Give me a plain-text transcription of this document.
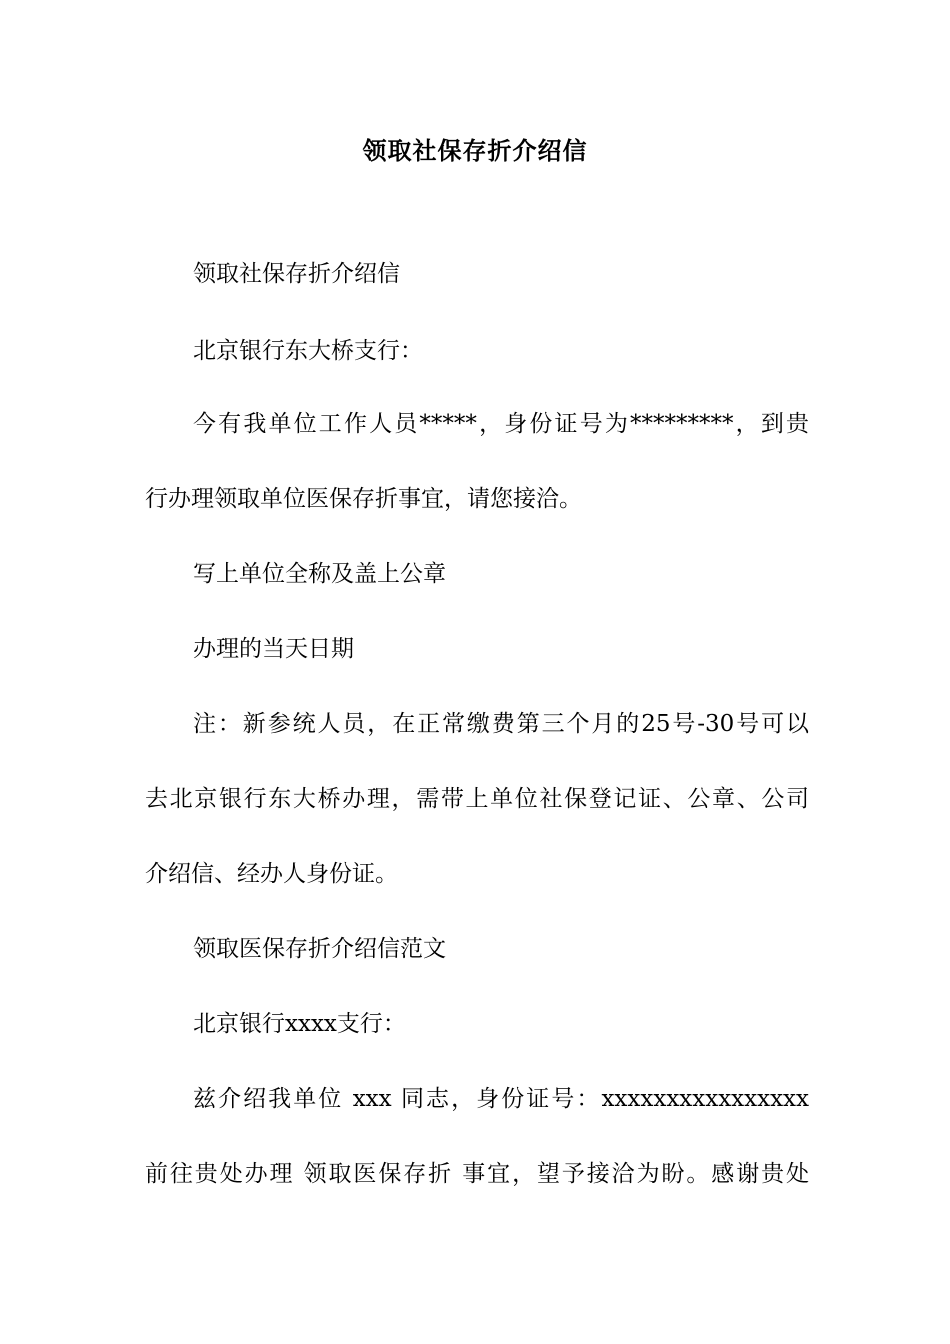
领取社保存折介绍信
领取社保存折介绍信
北京银行东大桥支行：
今有我单位工作人员*****，身份证号为*********，到贵
行办理领取单位医保存折事宜，请您接洽。
写上单位全称及盖上公章
办理的当天日期
注：新参统人员，在正常缴费第三个月的25号-30号可以
去北京银行东大桥办理，需带上单位社保登记证、公章、公司
介绍信、经办人身份证。
领取医保存折介绍信范文
北京银行xxxx支行：
兹介绍我单位 xxx 同志，身份证号：xxxxxxxxxxxxxxxx
前往贵处办理 领取医保存折 事宜，望予接洽为盼。感谢贵处
